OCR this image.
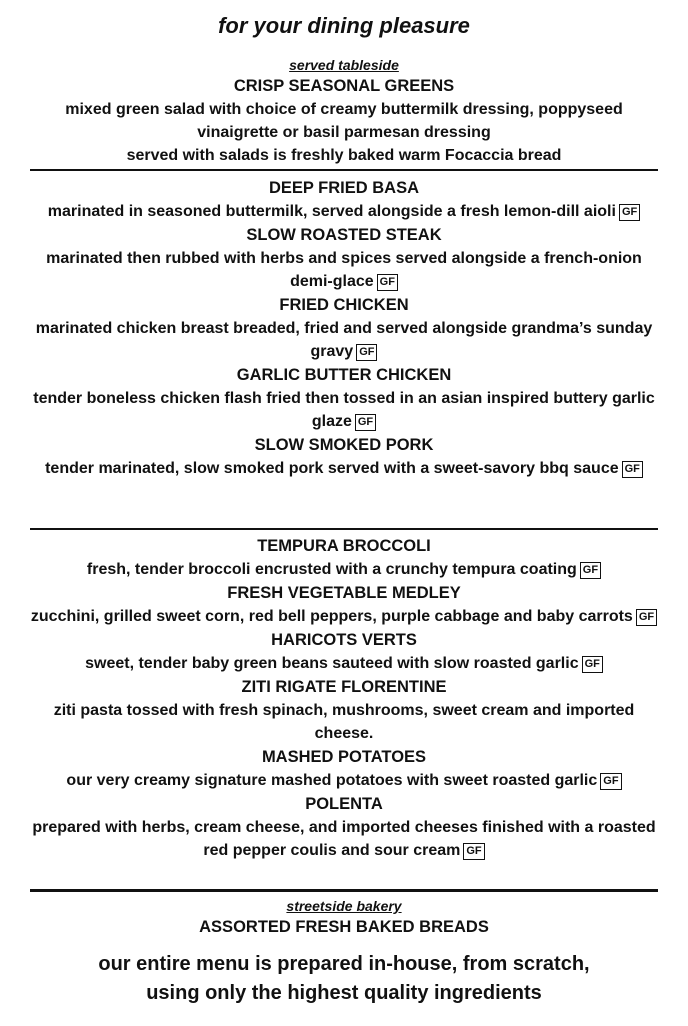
for your dining pleasure
served tableside
CRISP SEASONAL GREENS
mixed green salad with choice of creamy buttermilk dressing, poppyseed vinaigrette or basil parmesan dressing
served with salads is freshly baked warm Focaccia bread
DEEP FRIED BASA
marinated in seasoned buttermilk, served alongside a fresh lemon-dill aioli GF
SLOW ROASTED STEAK
marinated then rubbed with herbs and spices served alongside a french-onion demi-glace GF
FRIED CHICKEN
marinated chicken breast breaded, fried and served alongside grandma’s sunday gravy GF
GARLIC BUTTER CHICKEN
tender boneless chicken flash fried then tossed in an asian inspired buttery garlic glaze GF
SLOW SMOKED PORK
tender marinated, slow smoked pork served with a sweet-savory bbq sauce GF
TEMPURA BROCCOLI
fresh, tender broccoli encrusted with a crunchy tempura coating GF
FRESH VEGETABLE MEDLEY
zucchini, grilled sweet corn, red bell peppers, purple cabbage and baby carrots GF
HARICOTS VERTS
sweet, tender baby green beans sauteed with slow roasted garlic GF
ZITI RIGATE FLORENTINE
ziti pasta tossed with fresh spinach, mushrooms, sweet cream and imported cheese.
MASHED POTATOES
our very creamy signature mashed potatoes with sweet roasted garlic GF
POLENTA
prepared with herbs, cream cheese, and imported cheeses finished with a roasted red pepper coulis and sour cream GF
streetside bakery
ASSORTED FRESH BAKED BREADS
our entire menu is prepared in-house, from scratch,
using only the highest quality ingredients
